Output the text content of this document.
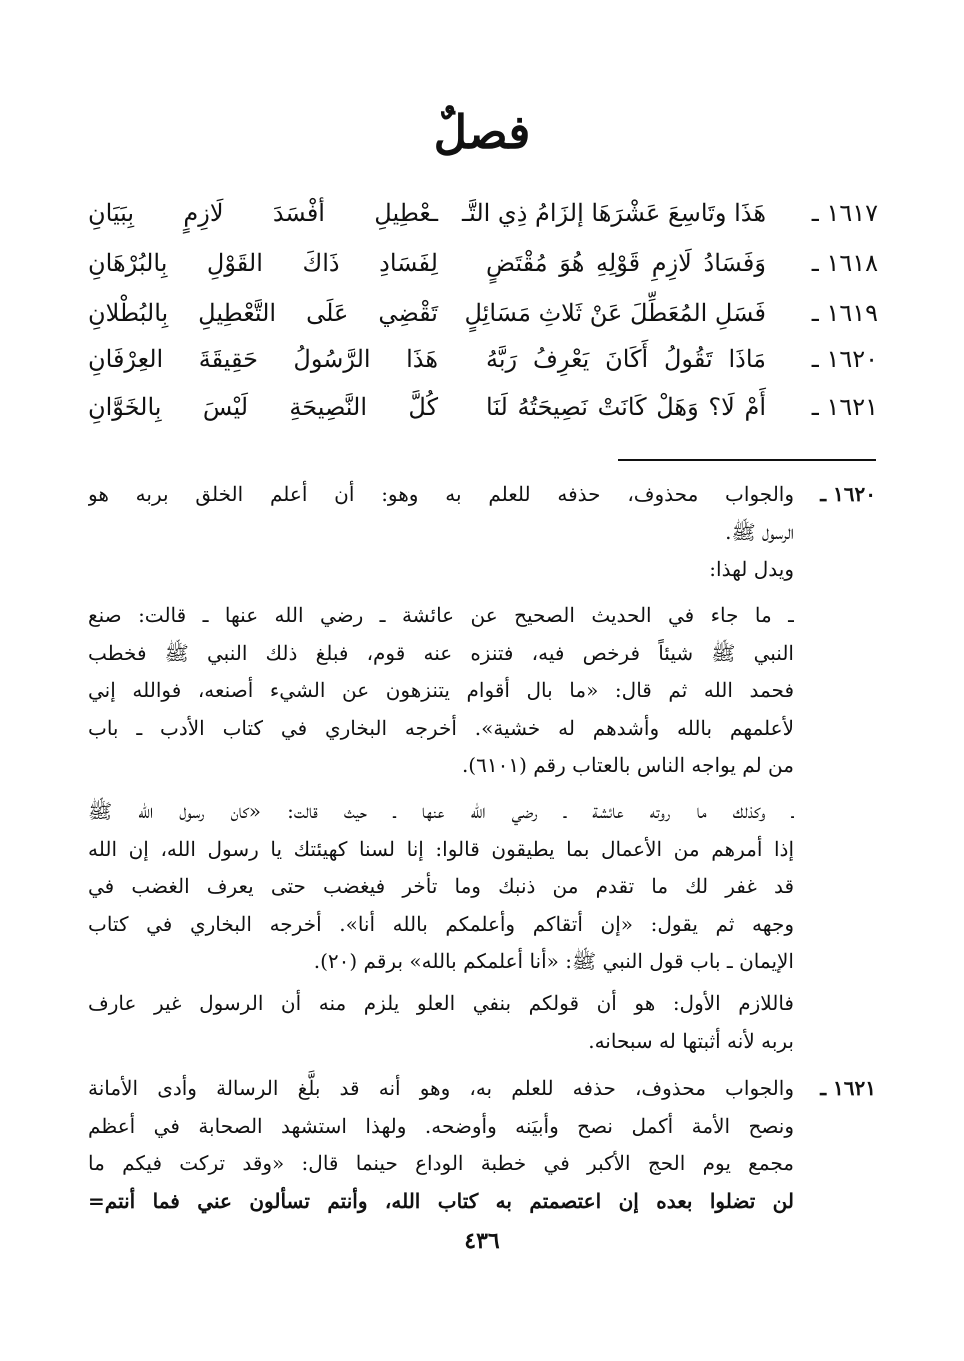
فصلٌ
١٦١٧ ـ
هَذَا وتَاسِعَ عَشْرَهَا إلزَامُ ذِي التَّـ
ـعْطِيلِ أفْسَدَ لَازِمٍ بِبَيَانِ
١٦١٨ ـ
وَفَسَادُ لَازِمِ قَوْلِهِ هُوَ مُقْتَضٍ
لِفَسَادِ ذَاكَ القَوْلِ بِالبُرْهَانِ
١٦١٩ ـ
فَسَلِ المُعَطِّلَ عَنْ ثَلاثِ مَسَائِلٍ
تَقْضِي عَلَى التَّعْطِيلِ بِالبُطْلانِ
١٦٢٠ ـ
مَاذَا تَقُولُ أَكَانَ يَعْرِفُ رَبَّهُ
هَذَا الرَّسُولُ حَقِيقَةَ العِرْفَانِ
١٦٢١ ـ
أَمْ لَا؟ وَهَلْ كَانَتْ نَصِيحَتُهُ لَنَا
كُلَّ النَّصِيحَةِ لَيْسَ بِالخَوَّانِ
١٦٢٠ ـ
والجواب محذوف، حذفه للعلم به وهو: أن أعلم الخلق بربه هو
الرسول ﷺ.
ويدل لهذا:
ـ ما جاء في الحديث الصحيح عن عائشة ـ رضي الله عنها ـ قالت: صنع
النبي ﷺ شيئاً فرخص فيه، فتنزه عنه قوم، فبلغ ذلك النبي ﷺ فخطب
فحمد الله ثم قال: «ما بال أقوام يتنزهون عن الشيء أصنعه، فوالله إني
لأعلمهم بالله وأشدهم له خشية». أخرجه البخاري في كتاب الأدب ـ باب
من لم يواجه الناس بالعتاب رقم (٦١٠١).
ـ وكذلك ما روته عائشة ـ رضي الله عنها ـ حيث قالت: «كان رسول الله ﷺ
إذا أمرهم من الأعمال بما يطيقون قالوا: إنا لسنا كهيئتك يا رسول الله، إن الله
قد غفر لك ما تقدم من ذنبك وما تأخر فيغضب حتى يعرف الغضب في
وجهه ثم يقول: «إن أتقاكم وأعلمكم بالله أنا». أخرجه البخاري في كتاب
الإيمان ـ باب قول النبي ﷺ: «أنا أعلمكم بالله» برقم (٢٠).
فاللازم الأول: هو أن قولكم بنفي العلو يلزم منه أن الرسول غير عارف
بربه لأنه أثبتها له سبحانه.
١٦٢١ ـ
والجواب محذوف، حذفه للعلم به، وهو أنه قد بلَّغ الرسالة وأدى الأمانة
ونصح الأمة أكمل نصح وأبيَنه وأوضحه. ولهذا استشهد الصحابة في أعظم
مجمع يوم الحج الأكبر في خطبة الوداع حينما قال: «وقد تركت فيكم ما
لن تضلوا بعده إن اعتصمتم به كتاب الله، وأنتم تسألون عني فما أنتم=
٤٣٦
